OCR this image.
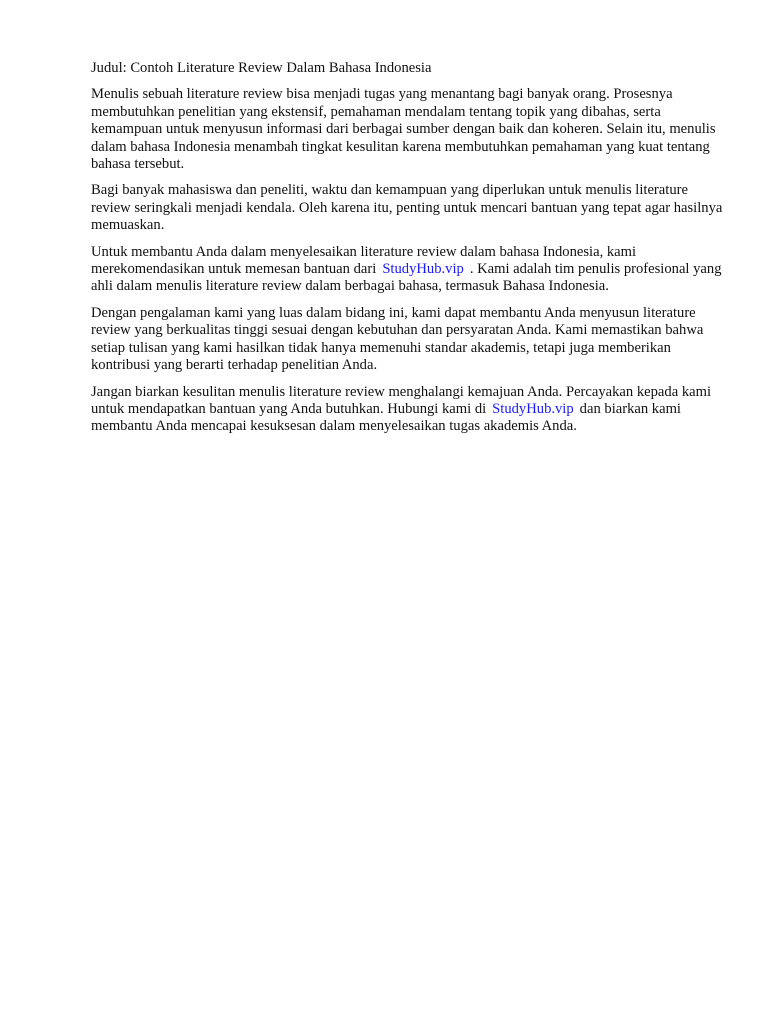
Judul: Contoh Literature Review Dalam Bahasa Indonesia

Menulis sebuah literature review bisa menjadi tugas yang menantang bagi banyak orang. Prosesnya membutuhkan penelitian yang ekstensif, pemahaman mendalam tentang topik yang dibahas, serta kemampuan untuk menyusun informasi dari berbagai sumber dengan baik dan koheren. Selain itu, menulis dalam bahasa Indonesia menambah tingkat kesulitan karena membutuhkan pemahaman yang kuat tentang bahasa tersebut.

Bagi banyak mahasiswa dan peneliti, waktu dan kemampuan yang diperlukan untuk menulis literature review seringkali menjadi kendala. Oleh karena itu, penting untuk mencari bantuan yang tepat agar hasilnya memuaskan.

Untuk membantu Anda dalam menyelesaikan literature review dalam bahasa Indonesia, kami merekomendasikan untuk memesan bantuan dari StudyHub.vip . Kami adalah tim penulis profesional yang ahli dalam menulis literature review dalam berbagai bahasa, termasuk Bahasa Indonesia.

Dengan pengalaman kami yang luas dalam bidang ini, kami dapat membantu Anda menyusun literature review yang berkualitas tinggi sesuai dengan kebutuhan dan persyaratan Anda. Kami memastikan bahwa setiap tulisan yang kami hasilkan tidak hanya memenuhi standar akademis, tetapi juga memberikan kontribusi yang berarti terhadap penelitian Anda.

Jangan biarkan kesulitan menulis literature review menghalangi kemajuan Anda. Percayakan kepada kami untuk mendapatkan bantuan yang Anda butuhkan. Hubungi kami di StudyHub.vip dan biarkan kami membantu Anda mencapai kesuksesan dalam menyelesaikan tugas akademis Anda.
